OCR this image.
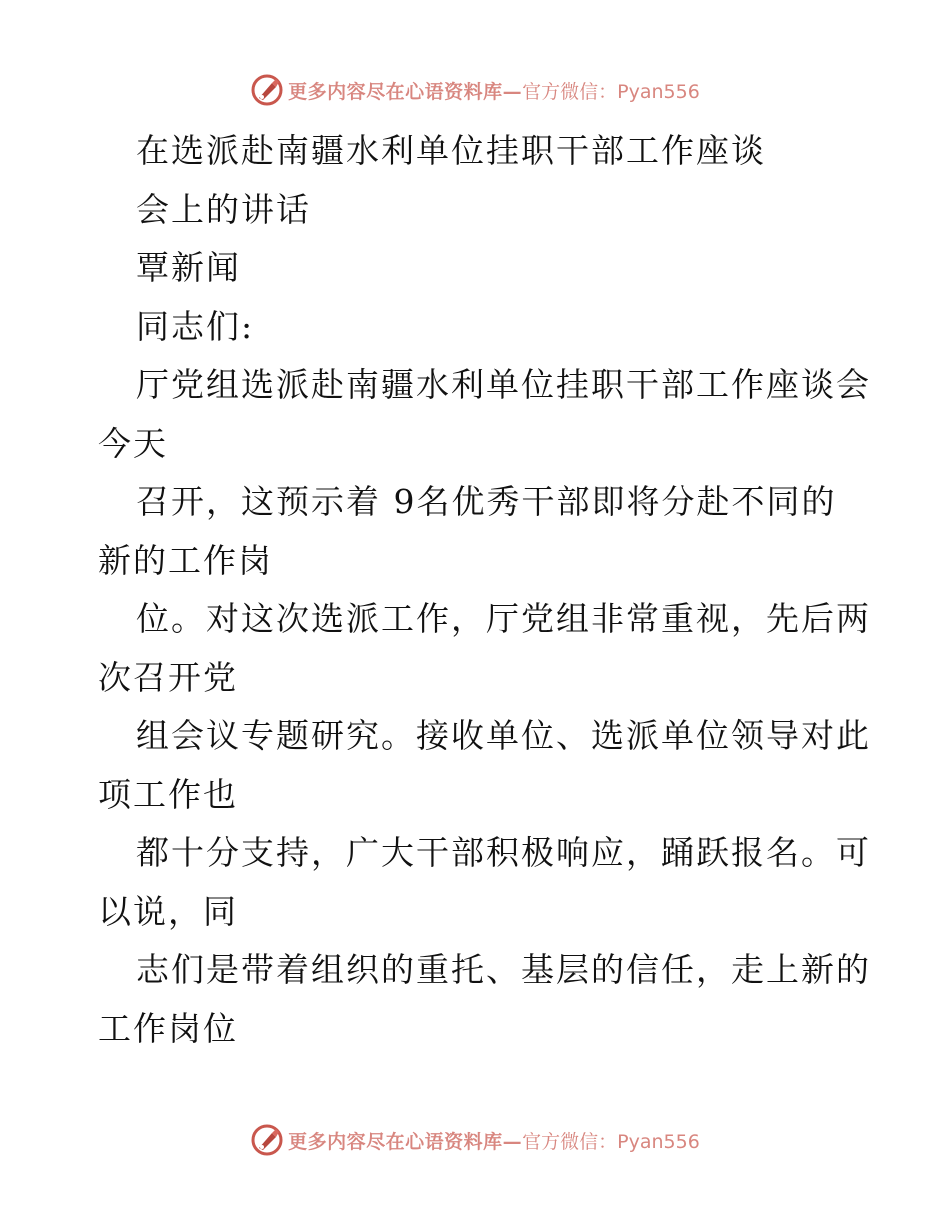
更多内容尽在心语资料库— 官方微信：Pyan556
在选派赴南疆水利单位挂职干部工作座谈
会上的讲话
覃新闻
同志们:
厅党组选派赴南疆水利单位挂职干部工作座谈会
今天
召开，这预示着 9名优秀干部即将分赴不同的
新的工作岗
位。对这次选派工作，厅党组非常重视，先后两
次召开党
组会议专题研究。接收单位、选派单位领导对此
项工作也
都十分支持，广大干部积极响应，踊跃报名。可
以说，同
志们是带着组织的重托、基层的信任，走上新的
工作岗位
更多内容尽在心语资料库— 官方微信：Pyan556
